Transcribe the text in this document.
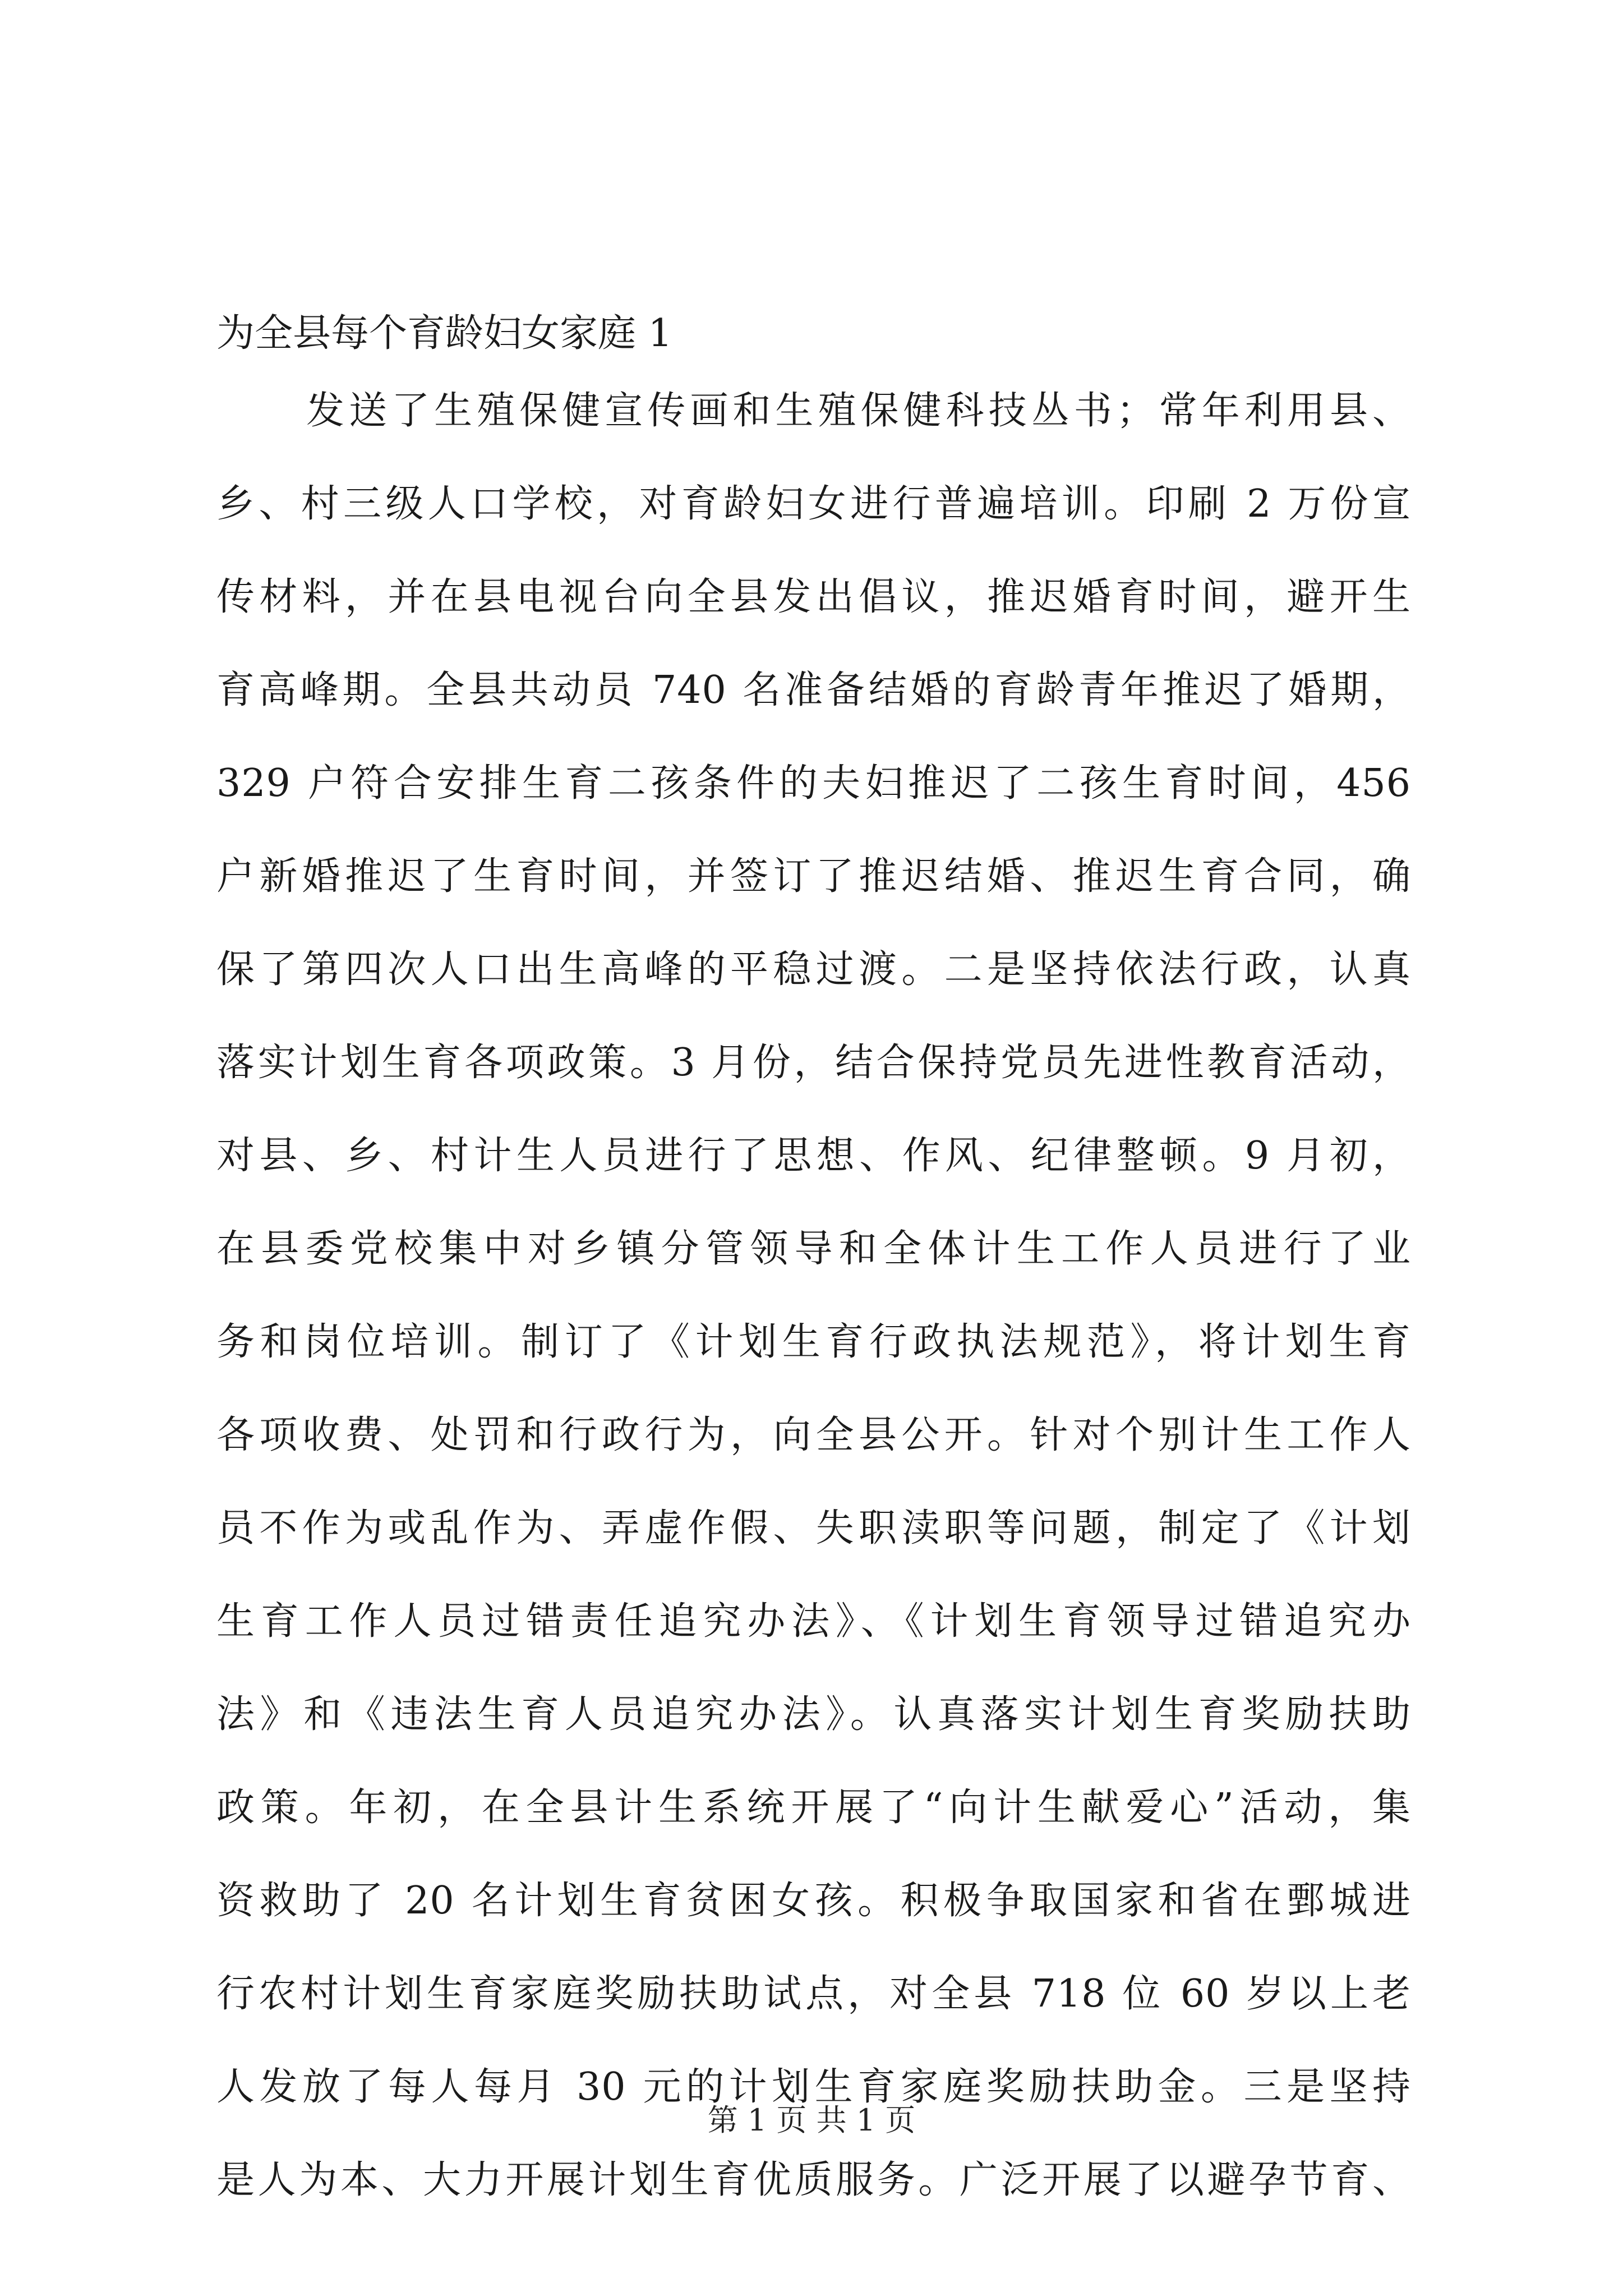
为全县每个育龄妇女家庭 1
发送了生殖保健宣传画和生殖保健科技丛书；常年利用县、
乡、村三级人口学校，对育龄妇女进行普遍培训。印刷 2 万份宣
传材料，并在县电视台向全县发出倡议，推迟婚育时间，避开生
育高峰期。全县共动员 740 名准备结婚的育龄青年推迟了婚期，
329 户符合安排生育二孩条件的夫妇推迟了二孩生育时间，456
户新婚推迟了生育时间，并签订了推迟结婚、推迟生育合同，确
保了第四次人口出生高峰的平稳过渡。二是坚持依法行政，认真
落实计划生育各项政策。3 月份，结合保持党员先进性教育活动，
对县、乡、村计生人员进行了思想、作风、纪律整顿。9 月初，
在县委党校集中对乡镇分管领导和全体计生工作人员进行了业
务和岗位培训。制订了《计划生育行政执法规范》，将计划生育
各项收费、处罚和行政行为，向全县公开。针对个别计生工作人
员不作为或乱作为、弄虚作假、失职渎职等问题，制定了《计划
生育工作人员过错责任追究办法》、《计划生育领导过错追究办
法》和《违法生育人员追究办法》。认真落实计划生育奖励扶助
政策。年初，在全县计生系统开展了“向计生献爱心”活动，集
资救助了 20 名计划生育贫困女孩。积极争取国家和省在鄄城进
行农村计划生育家庭奖励扶助试点，对全县 718 位 60 岁以上老
人发放了每人每月 30 元的计划生育家庭奖励扶助金。三是坚持
是人为本、大力开展计划生育优质服务。广泛开展了以避孕节育、
第 1 页 共 1 页
